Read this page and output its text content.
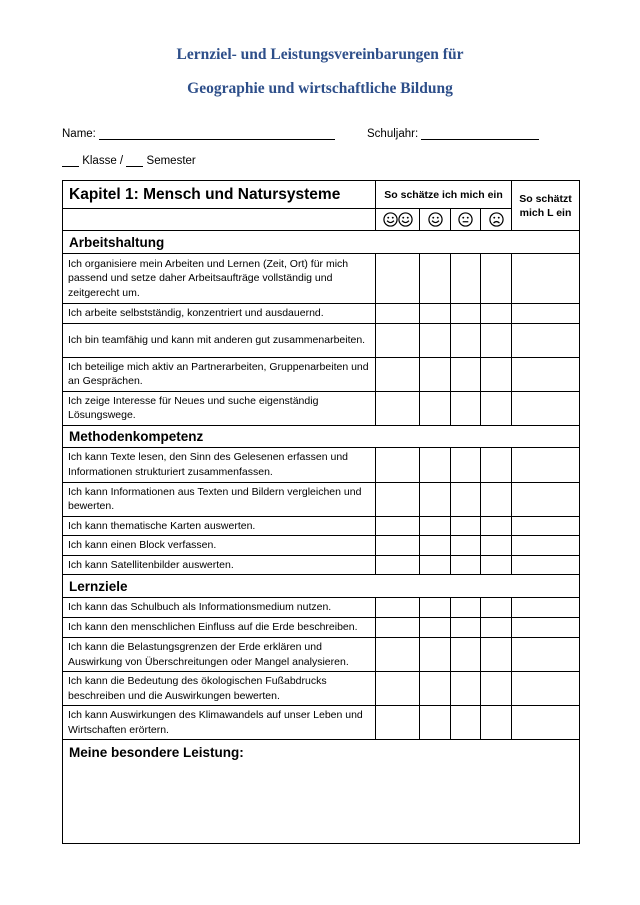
Lernziel- und Leistungsvereinbarungen für
Geographie und wirtschaftliche Bildung
Name:	Schuljahr:
Klasse / Semester
Kapitel 1: Mensch und Natursysteme	So schätze ich mich ein				So schätzt
mich L ein

Arbeitshaltung					
Ich organisiere mein Arbeiten und Lernen (Zeit, Ort) für mich passend und setze daher Arbeitsaufträge vollständig und zeitgerecht um.					
Ich arbeite selbstständig, konzentriert und ausdauernd.					
Ich bin teamfähig und kann mit anderen gut zusammenarbeiten.					
Ich beteilige mich aktiv an Partnerarbeiten, Gruppenarbeiten und an Gesprächen.					
Ich zeige Interesse für Neues und suche eigenständig Lösungswege.					
Methodenkompetenz					
Ich kann Texte lesen, den Sinn des Gelesenen erfassen und Informationen strukturiert zusammenfassen.					
Ich kann Informationen aus Texten und Bildern vergleichen und bewerten.					
Ich kann thematische Karten auswerten.					
Ich kann einen Block verfassen.					
Ich kann Satellitenbilder auswerten.					
Lernziele					
Ich kann das Schulbuch als Informationsmedium nutzen.					
Ich kann den menschlichen Einfluss auf die Erde beschreiben.					
Ich kann die Belastungsgrenzen der Erde erklären und Auswirkung von Überschreitungen oder Mangel analysieren.					
Ich kann die Bedeutung des ökologischen Fußabdrucks beschreiben und die Auswirkungen bewerten.					
Ich kann Auswirkungen des Klimawandels auf unser Leben und Wirtschaften erörtern.					
Meine besondere Leistung:					
